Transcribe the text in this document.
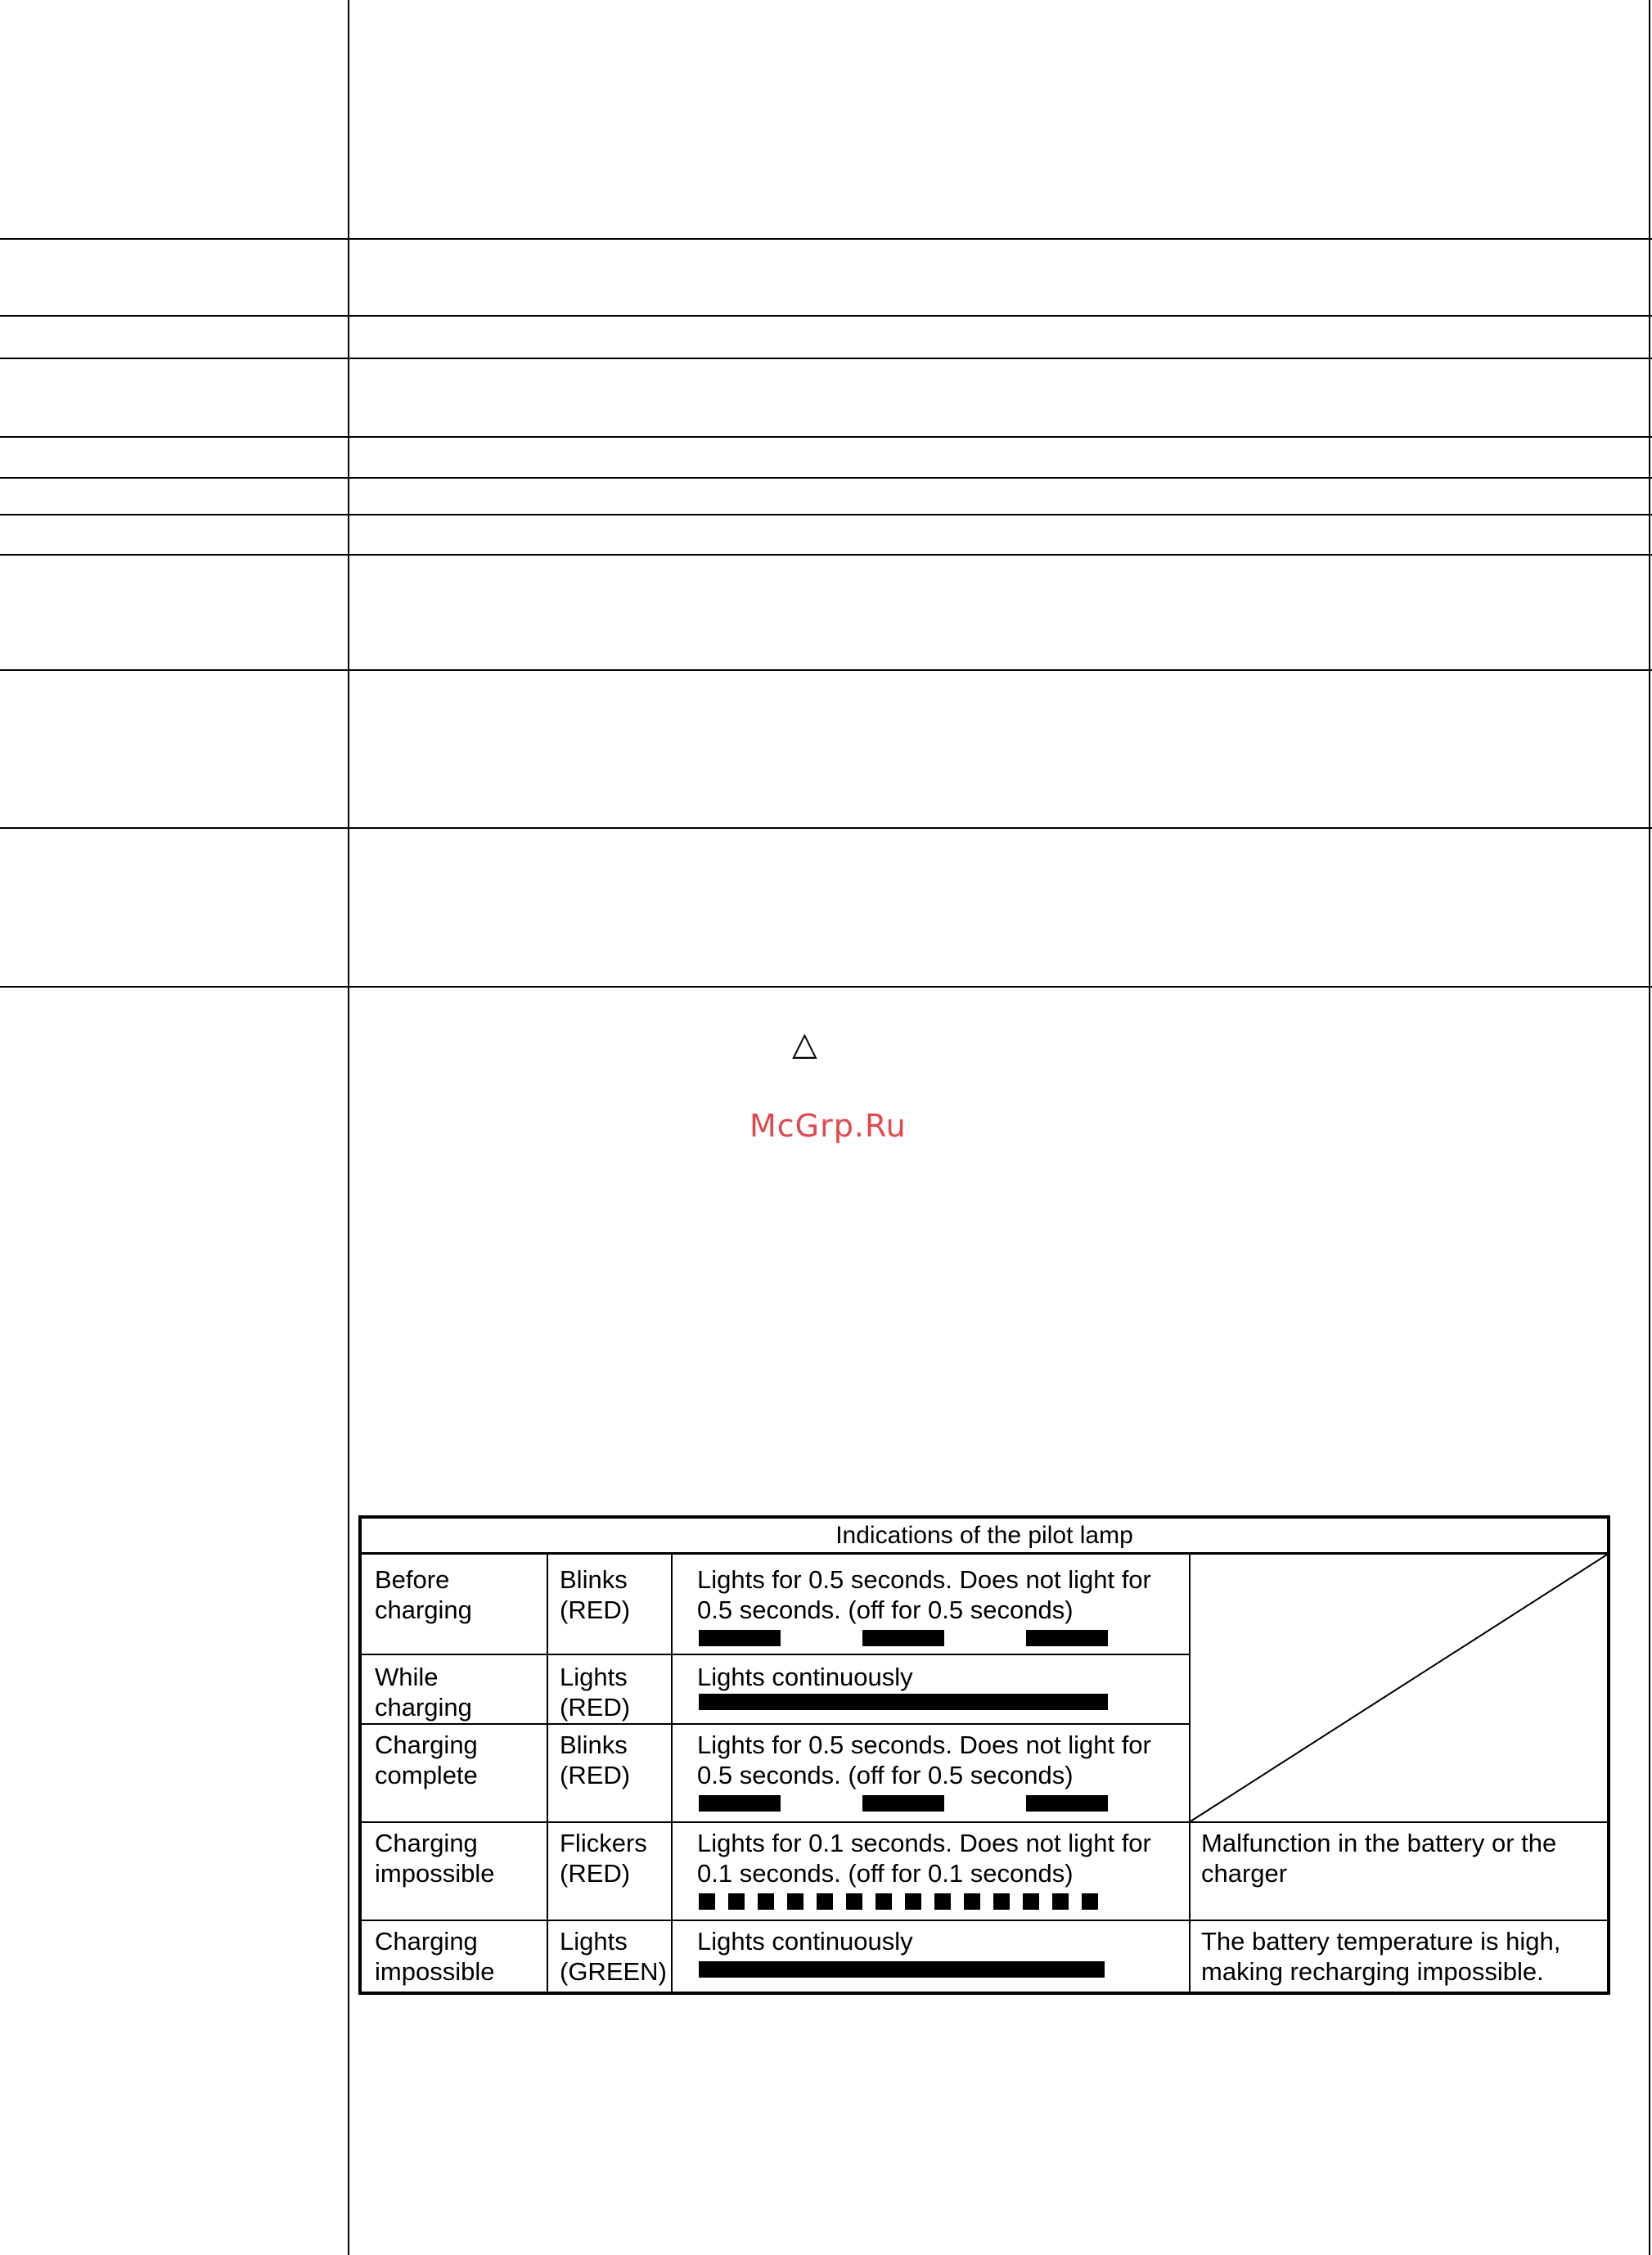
△
McGrp.Ru
Indications of the pilot lamp
Before
charging
Blinks
(RED)
Lights for 0.5 seconds. Does not light for
0.5 seconds. (off for 0.5 seconds)
While
charging
Lights
(RED)
Lights continuously
Charging
complete
Blinks
(RED)
Lights for 0.5 seconds. Does not light for
0.5 seconds. (off for 0.5 seconds)
Charging
impossible
Flickers
(RED)
Lights for 0.1 seconds. Does not light for
0.1 seconds. (off for 0.1 seconds)
Malfunction in the battery or the
charger
Charging
impossible
Lights
(GREEN)
Lights continuously	The battery temperature is high,
making recharging impossible.
